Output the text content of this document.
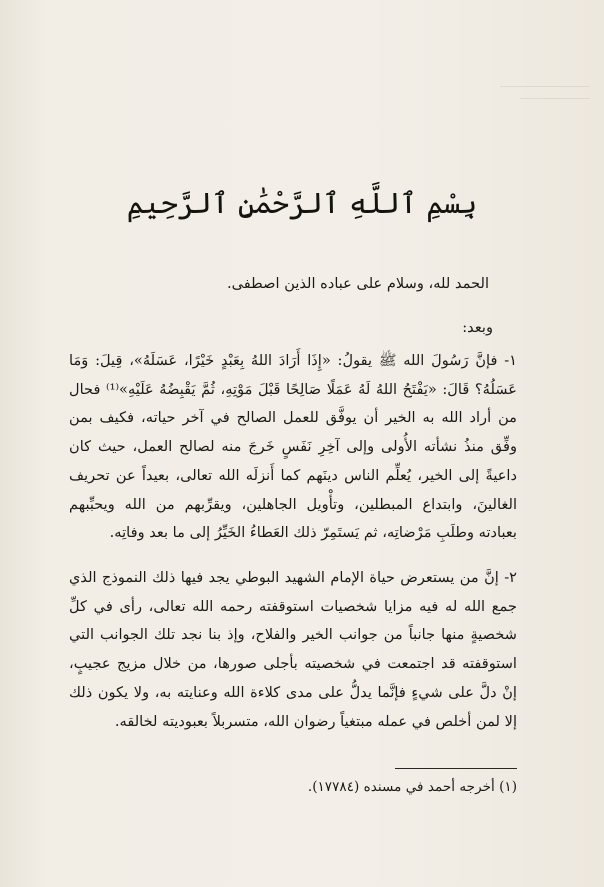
بِسْمِ ٱللَّهِ ٱلرَّحْمَٰنِ ٱلرَّحِيمِ
الحمد لله، وسلام على عباده الذين اصطفى.
وبعد:

١- فإنَّ رَسُولَ الله ﷺ يقولُ: «إِذَا أَرَادَ اللهُ بِعَبْدٍ خَيْرًا، عَسَلَهُ»، قِيلَ: وَمَا عَسَلُهُ؟ قَالَ: «يَفْتَحُ اللهُ لَهُ عَمَلًا صَالِحًا قَبْلَ مَوْتِهِ، ثُمَّ يَقْبِضُهُ عَلَيْهِ»⁽¹⁾ فحال من أراد الله به الخير أن يوفَّق للعمل الصالح في آخر حياته، فكيف بمن وفِّق منذُ نشأته الأُولى وإلى آخِرِ نَفَسٍ خَرجَ منه لصالح العمل، حيث كان داعيةً إلى الخير، يُعلِّم الناس دينَهم كما أَنزلَه الله تعالى، بعيداً عن تحريف الغالينَ، وابتداع المبطلين، وتأْويل الجاهلين، ويقرِّبهم من الله ويحبِّبهم بعبادته وطلَبِ مَرْضاتِه، ثم يَستَمِرّ ذلك العَطاءُ الخَيِّرُ إلى ما بعد وفاتِه.

٢- إنَّ من يستعرض حياة الإمام الشهيد البوطي يجد فيها ذلك النموذج الذي جمع الله له فيه مزايا شخصيات استوقفته رحمه الله تعالى، رأى في كلِّ شخصيةٍ منها جانباً من جوانب الخير والفلاح، وإذ بنا نجد تلك الجوانب التي استوقفته قد اجتمعت في شخصيته بأجلى صورها، من خلال مزيج عجيبٍ، إنْ دلَّ على شيءٍ فإنَّما يدلُّ على مدى كلاءة الله وعنايته به، ولا يكون ذلك إلا لمن أخلص في عمله مبتغياً رضوان الله، متسربلاً بعبوديته لخالقه.

(١) أخرجه أحمد في مسنده (١٧٧٨٤).
